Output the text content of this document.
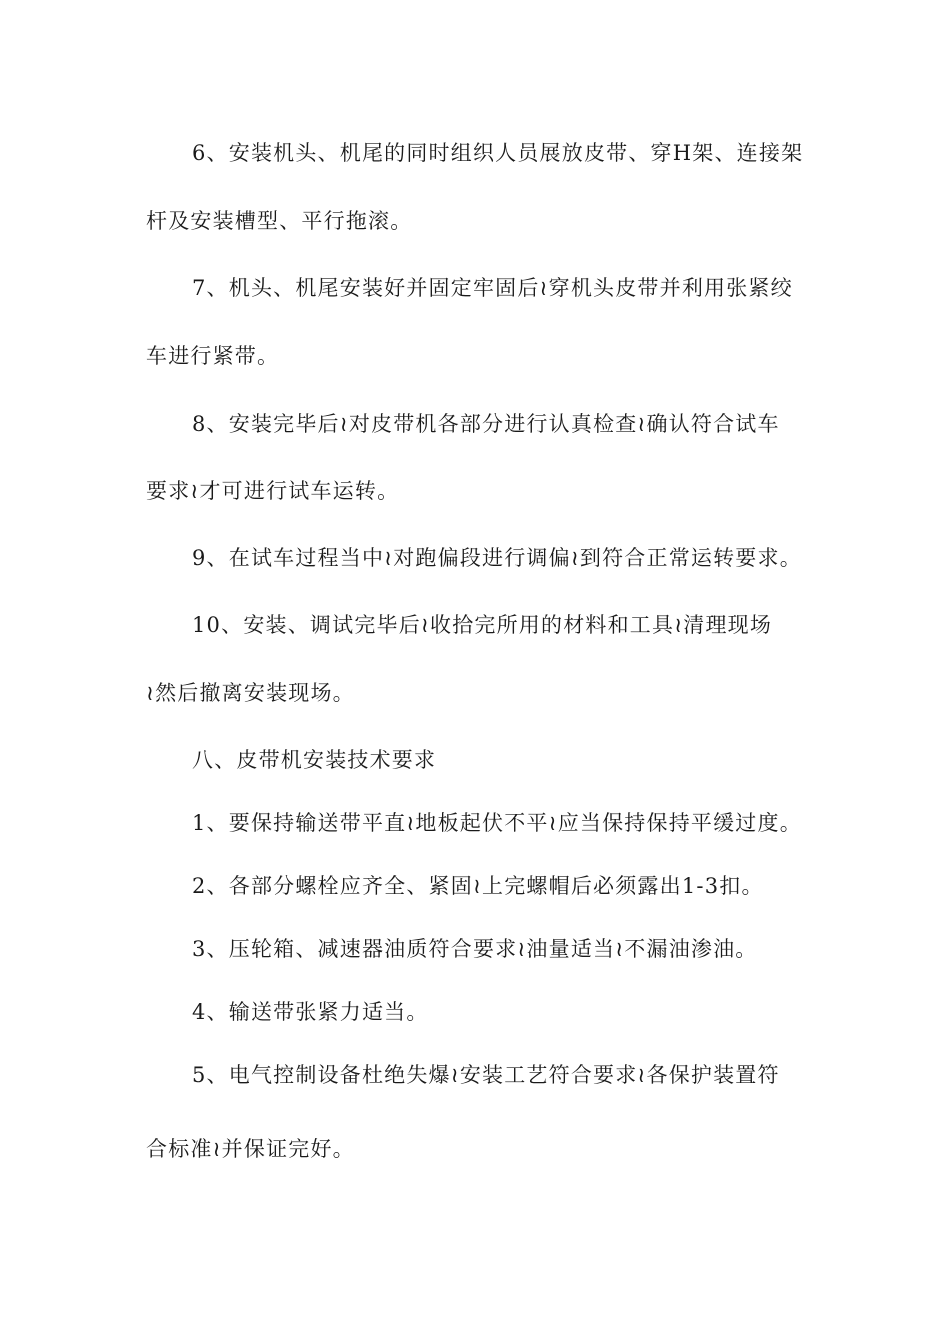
6、安装机头、机尾的同时组织人员展放皮带、穿H架、连接架
杆及安装槽型、平行拖滚。
7、机头、机尾安装好并固定牢固后≀穿机头皮带并利用张紧绞
车进行紧带。
8、安装完毕后≀对皮带机各部分进行认真检查≀确认符合试车
要求≀才可进行试车运转。
9、在试车过程当中≀对跑偏段进行调偏≀到符合正常运转要求。
10、安装、调试完毕后≀收拾完所用的材料和工具≀清理现场
≀然后撤离安装现场。
八、皮带机安装技术要求
1、要保持输送带平直≀地板起伏不平≀应当保持保持平缓过度。
2、各部分螺栓应齐全、紧固≀上完螺帽后必须露出1-3扣。
3、压轮箱、减速器油质符合要求≀油量适当≀不漏油渗油。
4、输送带张紧力适当。
5、电气控制设备杜绝失爆≀安装工艺符合要求≀各保护装置符
合标准≀并保证完好。
